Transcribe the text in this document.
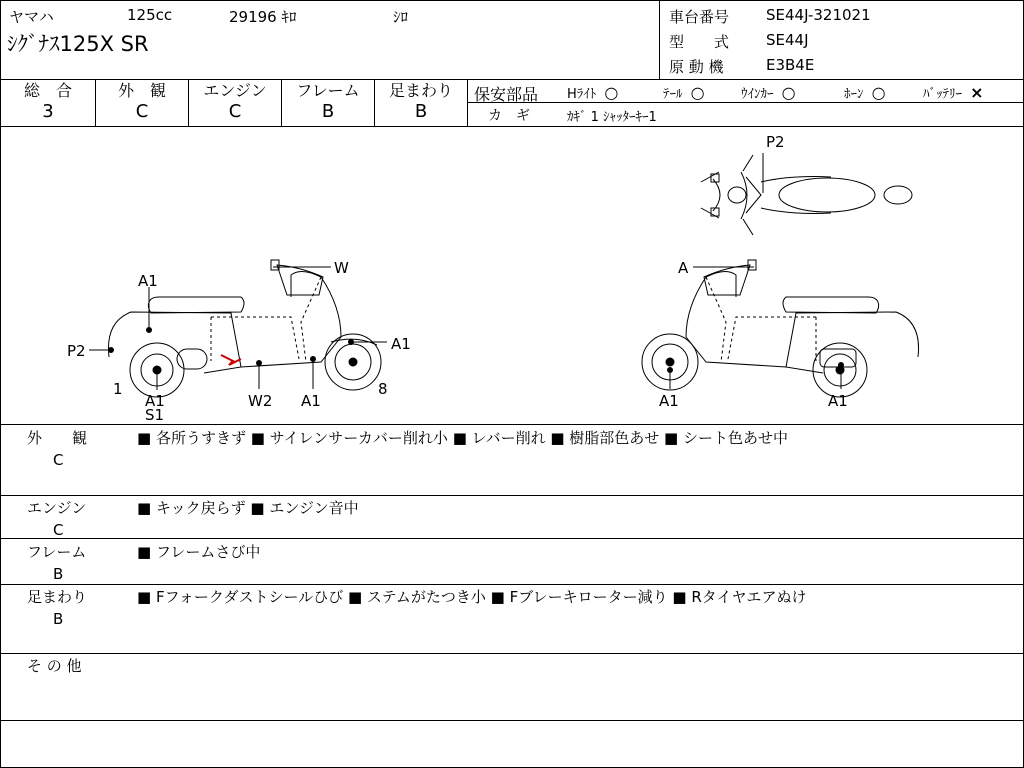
ヤマハ	125cc	29196 ｷﾛ	ｼﾛ
ｼｸﾞﾅｽ125X SR
車台番号 SE44J-321021
型　　式 SE44J
原 動 機	E3B4E
総　合
3
外　観
C
エンジン
C
フレーム
B
足まわり
B
保安部品 Hﾗｲﾄ ○	ﾃｰﾙ ○	ｳｲﾝｶｰ ○	ﾎｰﾝ ○	ﾊﾞｯﾃﾘｰ ×
カ　ギ	ｶｷﾞ 1 ｼｬｯﾀｰｷｰ1
P2
A1
P2
1
A1
S1
W
A1
W2 A1
8
A
A1	A1
外　　観
C
■ 各所うすきず ■ サイレンサーカバー削れ小 ■ レバー削れ ■ 樹脂部色あせ ■ シート色あせ中
エンジン
C
■ キック戻らず ■ エンジン音中
フレーム
B
■ フレームさび中
足まわり
B
■ Fフォークダストシールひび ■ ステムがたつき小 ■ Fブレーキローター減り ■ Rタイヤエアぬけ
そ の 他
